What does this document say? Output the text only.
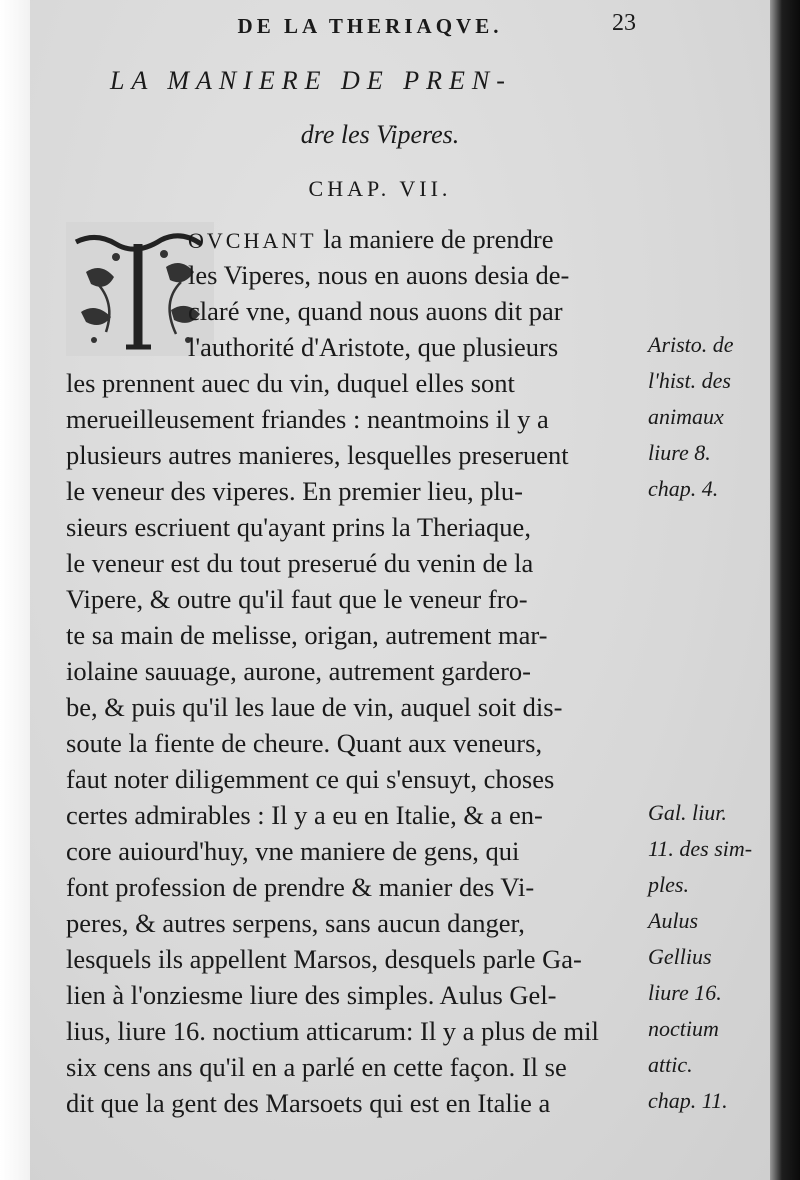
DE LA THERIAQVE.	23
LA MANIERE DE PREN-
dre les Viperes.
CHAP. VII.
OVCHANT la maniere de prendre
les Viperes, nous en auons desia de-
claré vne, quand nous auons dit par
l'authorité d'Aristote, que plusieurs
les prennent auec du vin, duquel elles sont
merueilleusement friandes : neantmoins il y a
plusieurs autres manieres, lesquelles preseruent
le veneur des viperes. En premier lieu, plu-
sieurs escriuent qu'ayant prins la Theriaque,
le veneur est du tout preserué du venin de la
Vipere, & outre qu'il faut que le veneur fro-
te sa main de melisse, origan, autrement mar-
iolaine sauuage, aurone, autrement gardero-
be, & puis qu'il les laue de vin, auquel soit dis-
soute la fiente de cheure. Quant aux veneurs,
faut noter diligemment ce qui s'ensuyt, choses
certes admirables : Il y a eu en Italie, & a en-
core auiourd'huy, vne maniere de gens, qui
font profession de prendre & manier des Vi-
peres, & autres serpens, sans aucun danger,
lesquels ils appellent Marsos, desquels parle Ga-
lien à l'onziesme liure des simples. Aulus Gel-
lius, liure 16. noctium atticarum: Il y a plus de mil
six cens ans qu'il en a parlé en cette façon. Il se
dit que la gent des Marsoets qui est en Italie a
Aristo. de
l'hist. des
animaux
liure 8.
chap. 4.
Gal. liur.
11. des sim-
ples.
Aulus
Gellius
liure 16.
noctium
attic.
chap. 11.
